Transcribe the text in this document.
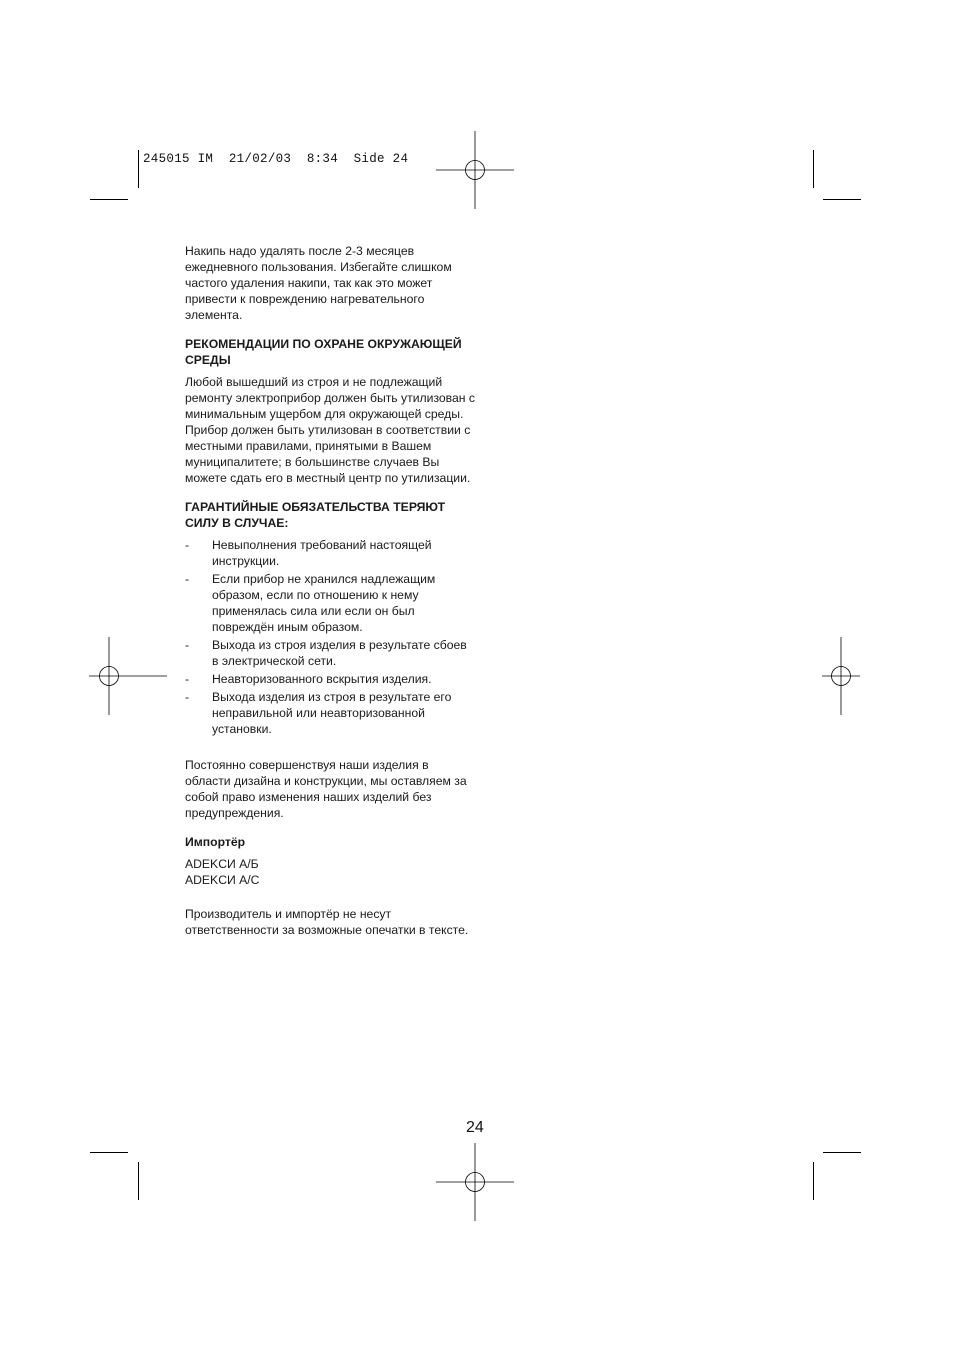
245015 IM  21/02/03  8:34  Side 24

Накипь надо удалять после 2-3 месяцев ежедневного пользования. Избегайте слишком частого удаления накипи, так как это может привести к повреждению нагревательного элемента.

РЕКОМЕНДАЦИИ ПО ОХРАНЕ ОКРУЖАЮЩЕЙ СРЕДЫ

Любой вышедший из строя и не подлежащий ремонту электроприбор должен быть утилизован с минимальным ущербом для окружающей среды. Прибор должен быть утилизован в соответствии с местными правилами, принятыми в Вашем муниципалитете; в большинстве случаев Вы можете сдать его в местный центр по утилизации.

ГАРАНТИЙНЫЕ ОБЯЗАТЕЛЬСТВА ТЕРЯЮТ СИЛУ В СЛУЧАЕ:

- Невыполнения требований настоящей инструкции.
- Если прибор не хранился надлежащим образом, если по отношению к нему применялась сила или если он был повреждён иным образом.
- Выхода из строя изделия в результате сбоев в электрической сети.
- Неавторизованного вскрытия изделия.
- Выхода изделия из строя в результате его неправильной или неавторизованной установки.

Постоянно совершенствуя наши изделия в области дизайна и конструкции, мы оставляем за собой право изменения наших изделий без предупреждения.

Импортёр

ADEKCИ A/Б

ADEKCИ A/C

Производитель и импортёр не несут ответственности за возможные опечатки в тексте.

24
